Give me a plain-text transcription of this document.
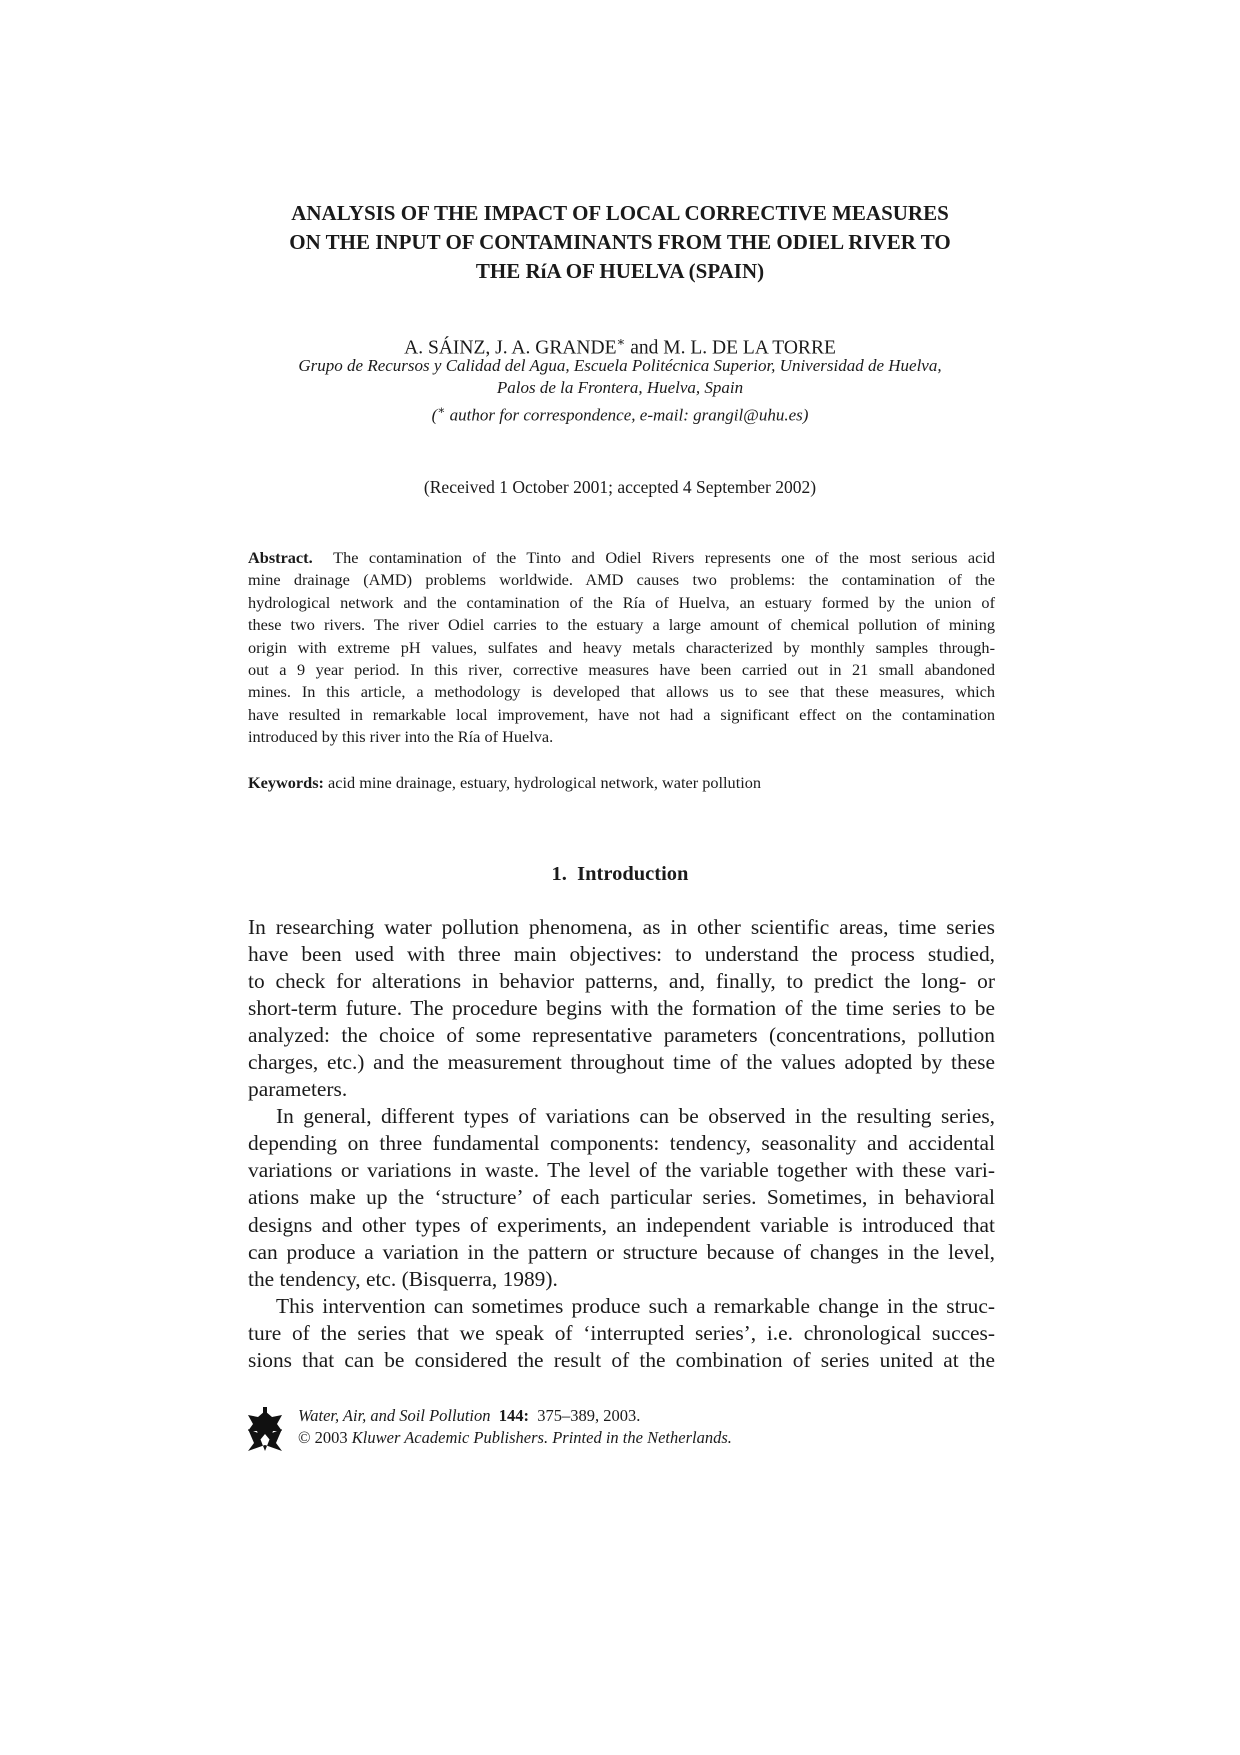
ANALYSIS OF THE IMPACT OF LOCAL CORRECTIVE MEASURES
ON THE INPUT OF CONTAMINANTS FROM THE ODIEL RIVER TO
THE RíA OF HUELVA (SPAIN)
A. SÁINZ, J. A. GRANDE∗ and M. L. DE LA TORRE
Grupo de Recursos y Calidad del Agua, Escuela Politécnica Superior, Universidad de Huelva,
Palos de la Frontera, Huelva, Spain
(∗ author for correspondence, e-mail: grangil@uhu.es)
(Received 1 October 2001; accepted 4 September 2002)
Abstract. The contamination of the Tinto and Odiel Rivers represents one of the most serious acid
mine drainage (AMD) problems worldwide. AMD causes two problems: the contamination of the
hydrological network and the contamination of the Ría of Huelva, an estuary formed by the union of
these two rivers. The river Odiel carries to the estuary a large amount of chemical pollution of mining
origin with extreme pH values, sulfates and heavy metals characterized by monthly samples through-
out a 9 year period. In this river, corrective measures have been carried out in 21 small abandoned
mines. In this article, a methodology is developed that allows us to see that these measures, which
have resulted in remarkable local improvement, have not had a significant effect on the contamination
introduced by this river into the Ría of Huelva.
Keywords: acid mine drainage, estuary, hydrological network, water pollution
1. Introduction
In researching water pollution phenomena, as in other scientific areas, time series
have been used with three main objectives: to understand the process studied,
to check for alterations in behavior patterns, and, finally, to predict the long- or
short-term future. The procedure begins with the formation of the time series to be
analyzed: the choice of some representative parameters (concentrations, pollution
charges, etc.) and the measurement throughout time of the values adopted by these
parameters.
In general, different types of variations can be observed in the resulting series,
depending on three fundamental components: tendency, seasonality and accidental
variations or variations in waste. The level of the variable together with these vari-
ations make up the ‘structure’ of each particular series. Sometimes, in behavioral
designs and other types of experiments, an independent variable is introduced that
can produce a variation in the pattern or structure because of changes in the level,
the tendency, etc. (Bisquerra, 1989).
This intervention can sometimes produce such a remarkable change in the struc-
ture of the series that we speak of ‘interrupted series’, i.e. chronological succes-
sions that can be considered the result of the combination of series united at the
Water, Air, and Soil Pollution 144: 375–389, 2003.
© 2003 Kluwer Academic Publishers. Printed in the Netherlands.
